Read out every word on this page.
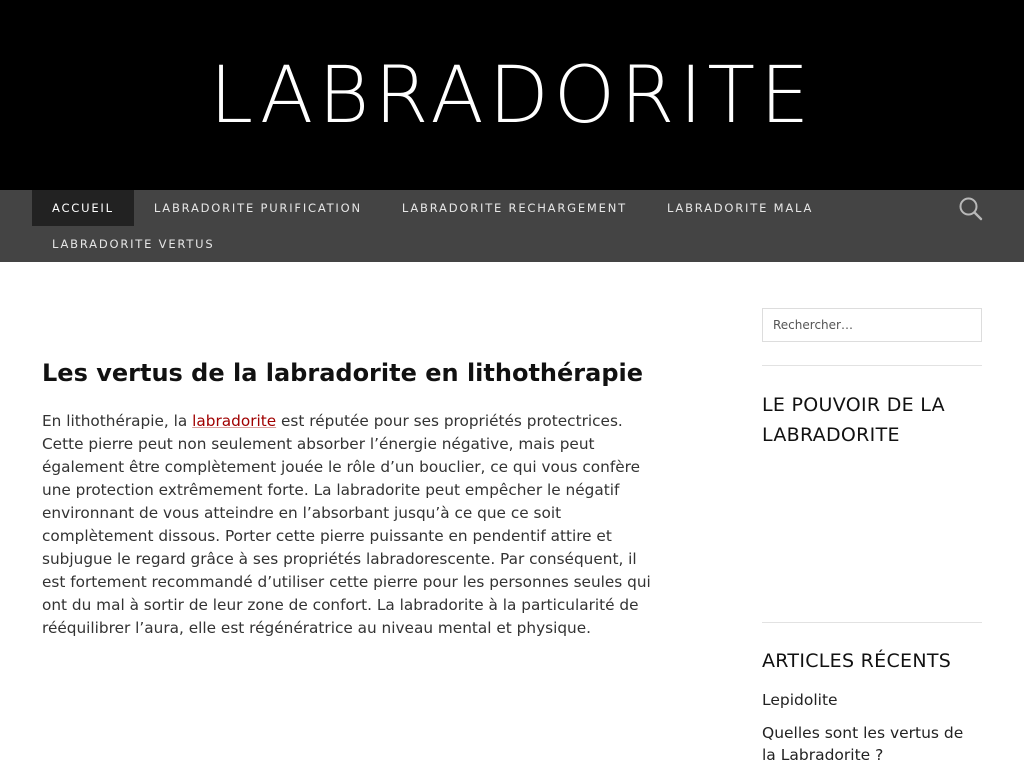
LABRADORITE
ACCUEIL	LABRADORITE PURIFICATION	LABRADORITE RECHARGEMENT	LABRADORITE MALA
LABRADORITE VERTUS
Les vertus de la labradorite en lithothérapie

En lithothérapie, la labradorite est réputée pour ses propriétés protectrices. Cette pierre peut non seulement absorber l’énergie négative, mais peut également être complètement jouée le rôle d’un bouclier, ce qui vous confère une protection extrêmement forte. La labradorite peut empêcher le négatif environnant de vous atteindre en l’absorbant jusqu’à ce que ce soit complètement dissous. Porter cette pierre puissante en pendentif attire et subjugue le regard grâce à ses propriétés labradorescente. Par conséquent, il est fortement recommandé d’utiliser cette pierre pour les personnes seules qui ont du mal à sortir de leur zone de confort. La labradorite à la particularité de rééquilibrer l’aura, elle est régénératrice au niveau mental et physique.

Rechercher…
LE POUVOIR DE LA LABRADORITE
ARTICLES RÉCENTS
Lepidolite
Quelles sont les vertus de la Labradorite ?
